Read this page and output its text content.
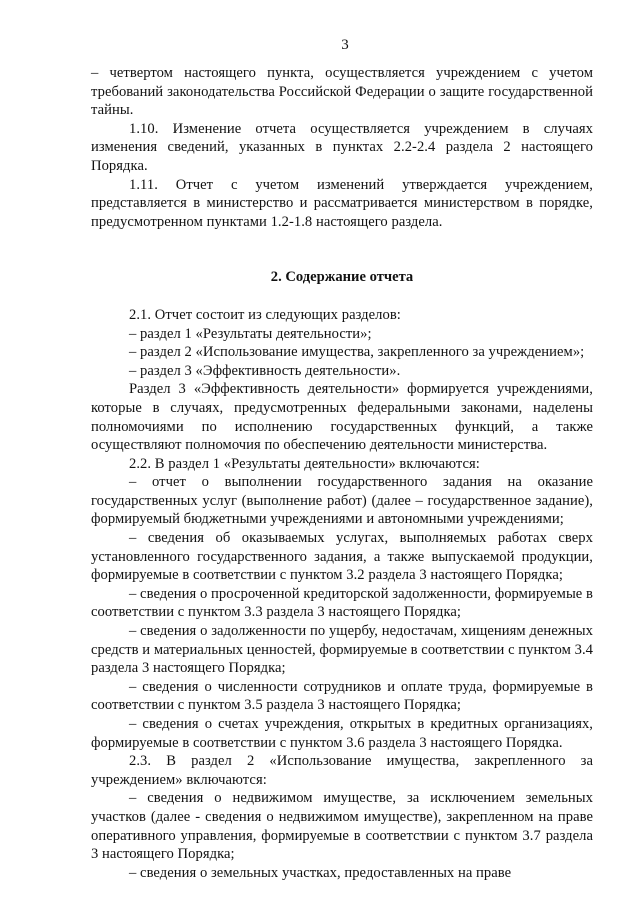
3

– четвертом настоящего пункта, осуществляется учреждением с учетом требований законодательства Российской Федерации о защите государственной тайны.

1.10. Изменение отчета осуществляется учреждением в случаях изменения сведений, указанных в пунктах 2.2-2.4 раздела 2 настоящего Порядка.

1.11. Отчет с учетом изменений утверждается учреждением, представляется в министерство и рассматривается министерством в порядке, предусмотренном пунктами 1.2-1.8 настоящего раздела.

2. Содержание отчета

2.1. Отчет состоит из следующих разделов:

– раздел 1 «Результаты деятельности»;

– раздел 2 «Использование имущества, закрепленного за учреждением»;

– раздел 3 «Эффективность деятельности».

Раздел 3 «Эффективность деятельности» формируется учреждениями, которые в случаях, предусмотренных федеральными законами, наделены полномочиями по исполнению государственных функций, а также осуществляют полномочия по обеспечению деятельности министерства.

2.2. В раздел 1 «Результаты деятельности» включаются:

– отчет о выполнении государственного задания на оказание государственных услуг (выполнение работ) (далее – государственное задание), формируемый бюджетными учреждениями и автономными учреждениями;

– сведения об оказываемых услугах, выполняемых работах сверх установленного государственного задания, а также выпускаемой продукции, формируемые в соответствии с пунктом 3.2 раздела 3 настоящего Порядка;

– сведения о просроченной кредиторской задолженности, формируемые в соответствии с пунктом 3.3 раздела 3 настоящего Порядка;

– сведения о задолженности по ущербу, недостачам, хищениям денежных средств и материальных ценностей, формируемые в соответствии с пунктом 3.4 раздела 3 настоящего Порядка;

– сведения о численности сотрудников и оплате труда, формируемые в соответствии с пунктом 3.5 раздела 3 настоящего Порядка;

– сведения о счетах учреждения, открытых в кредитных организациях, формируемые в соответствии с пунктом 3.6 раздела 3 настоящего Порядка.

2.3. В раздел 2 «Использование имущества, закрепленного за учреждением» включаются:

– сведения о недвижимом имуществе, за исключением земельных участков (далее - сведения о недвижимом имуществе), закрепленном на праве оперативного управления, формируемые в соответствии с пунктом 3.7 раздела 3 настоящего Порядка;

– сведения о земельных участках, предоставленных на праве
